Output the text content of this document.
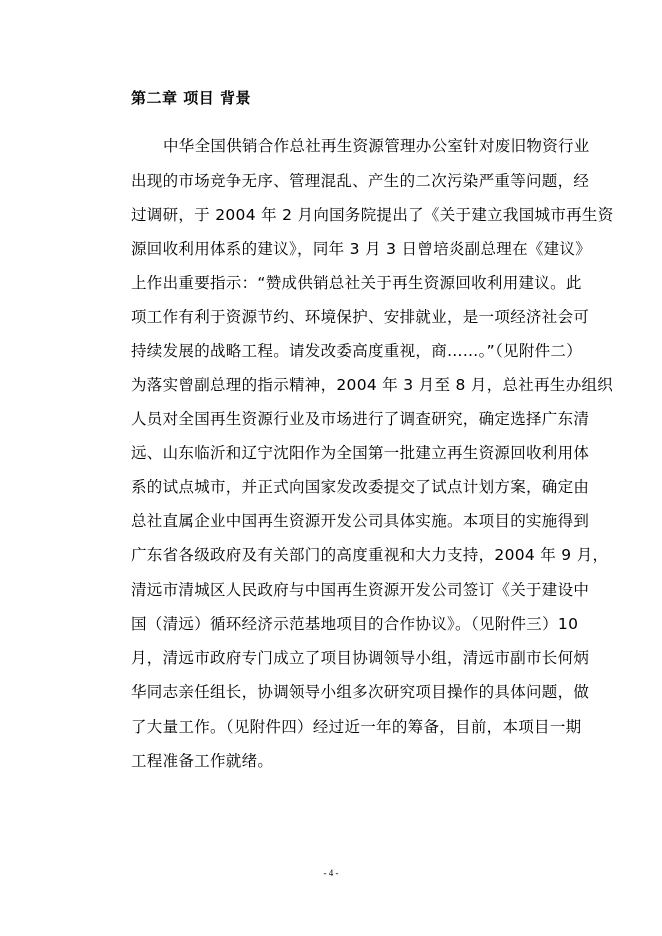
第二章 项目 背景
中华全国供销合作总社再生资源管理办公室针对废旧物资行业
出现的市场竞争无序、管理混乱、产生的二次污染严重等问题，经
过调研，于 2004 年 2 月向国务院提出了《关于建立我国城市再生资
源回收利用体系的建议》，同年 3 月 3 日曾培炎副总理在《建议》
上作出重要指示：“赞成供销总社关于再生资源回收利用建议。此
项工作有利于资源节约、环境保护、安排就业，是一项经济社会可
持续发展的战略工程。请发改委高度重视，商……。”（见附件二）
为落实曾副总理的指示精神，2004 年 3 月至 8 月，总社再生办组织
人员对全国再生资源行业及市场进行了调查研究，确定选择广东清
远、山东临沂和辽宁沈阳作为全国第一批建立再生资源回收利用体
系的试点城市，并正式向国家发改委提交了试点计划方案，确定由
总社直属企业中国再生资源开发公司具体实施。本项目的实施得到
广东省各级政府及有关部门的高度重视和大力支持，2004 年 9 月，
清远市清城区人民政府与中国再生资源开发公司签订《关于建设中
国（清远）循环经济示范基地项目的合作协议》。（见附件三）10
月，清远市政府专门成立了项目协调领导小组，清远市副市长何炳
华同志亲任组长，协调领导小组多次研究项目操作的具体问题，做
了大量工作。（见附件四）经过近一年的筹备，目前，本项目一期
工程准备工作就绪。
- 4 -
